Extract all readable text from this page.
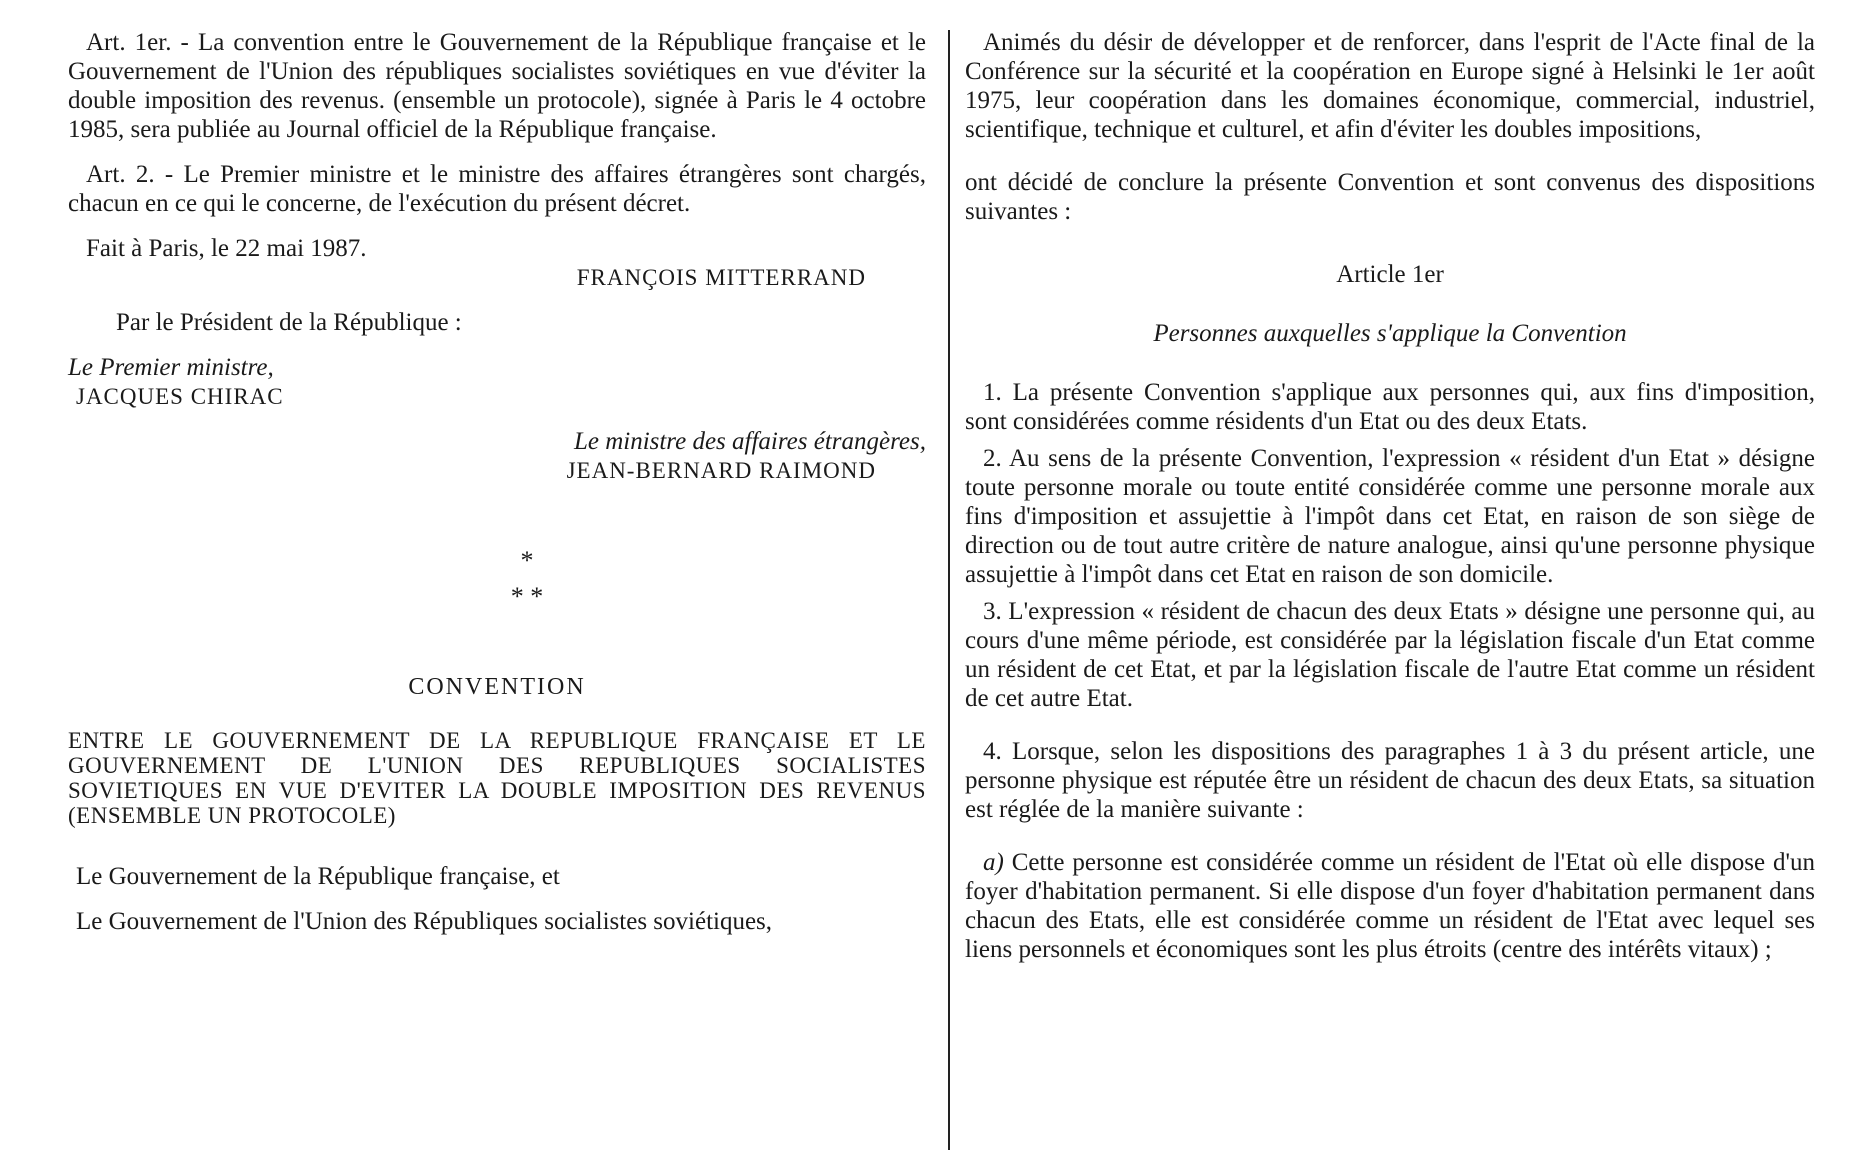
Art. 1er. - La convention entre le Gouvernement de la République française et le Gouvernement de l'Union des républiques socialistes soviétiques en vue d'éviter la double imposition des revenus. (ensemble un protocole), signée à Paris le 4 octobre 1985, sera publiée au Journal officiel de la République française.

Art. 2. - Le Premier ministre et le ministre des affaires étrangères sont chargés, chacun en ce qui le concerne, de l'exécution du présent décret.

Fait à Paris, le 22 mai 1987.

FRANÇOIS MITTERRAND

Par le Président de la République :

Le Premier ministre,

JACQUES CHIRAC

Le ministre des affaires étrangères,

JEAN-BERNARD RAIMOND

*
* *

CONVENTION

ENTRE LE GOUVERNEMENT DE LA REPUBLIQUE FRANÇAISE ET LE GOUVERNEMENT DE L'UNION DES REPUBLIQUES SOCIALISTES SOVIETIQUES EN VUE D'EVITER LA DOUBLE IMPOSITION DES REVENUS (ENSEMBLE UN PROTOCOLE)

Le Gouvernement de la République française, et

Le Gouvernement de l'Union des Républiques socialistes soviétiques,

Animés du désir de développer et de renforcer, dans l'esprit de l'Acte final de la Conférence sur la sécurité et la coopération en Europe signé à Helsinki le 1er août 1975, leur coopération dans les domaines économique, commercial, industriel, scientifique, technique et culturel, et afin d'éviter les doubles impositions,

ont décidé de conclure la présente Convention et sont convenus des dispositions suivantes :

Article 1er

Personnes auxquelles s'applique la Convention

1. La présente Convention s'applique aux personnes qui, aux fins d'imposition, sont considérées comme résidents d'un Etat ou des deux Etats.

2. Au sens de la présente Convention, l'expression « résident d'un Etat » désigne toute personne morale ou toute entité considérée comme une personne morale aux fins d'imposition et assujettie à l'impôt dans cet Etat, en raison de son siège de direction ou de tout autre critère de nature analogue, ainsi qu'une personne physique assujettie à l'impôt dans cet Etat en raison de son domicile.

3. L'expression « résident de chacun des deux Etats » désigne une personne qui, au cours d'une même période, est considérée par la législation fiscale d'un Etat comme un résident de cet Etat, et par la législation fiscale de l'autre Etat comme un résident de cet autre Etat.

4. Lorsque, selon les dispositions des paragraphes 1 à 3 du présent article, une personne physique est réputée être un résident de chacun des deux Etats, sa situation est réglée de la manière suivante :

a) Cette personne est considérée comme un résident de l'Etat où elle dispose d'un foyer d'habitation permanent. Si elle dispose d'un foyer d'habitation permanent dans chacun des Etats, elle est considérée comme un résident de l'Etat avec lequel ses liens personnels et économiques sont les plus étroits (centre des intérêts vitaux) ;
